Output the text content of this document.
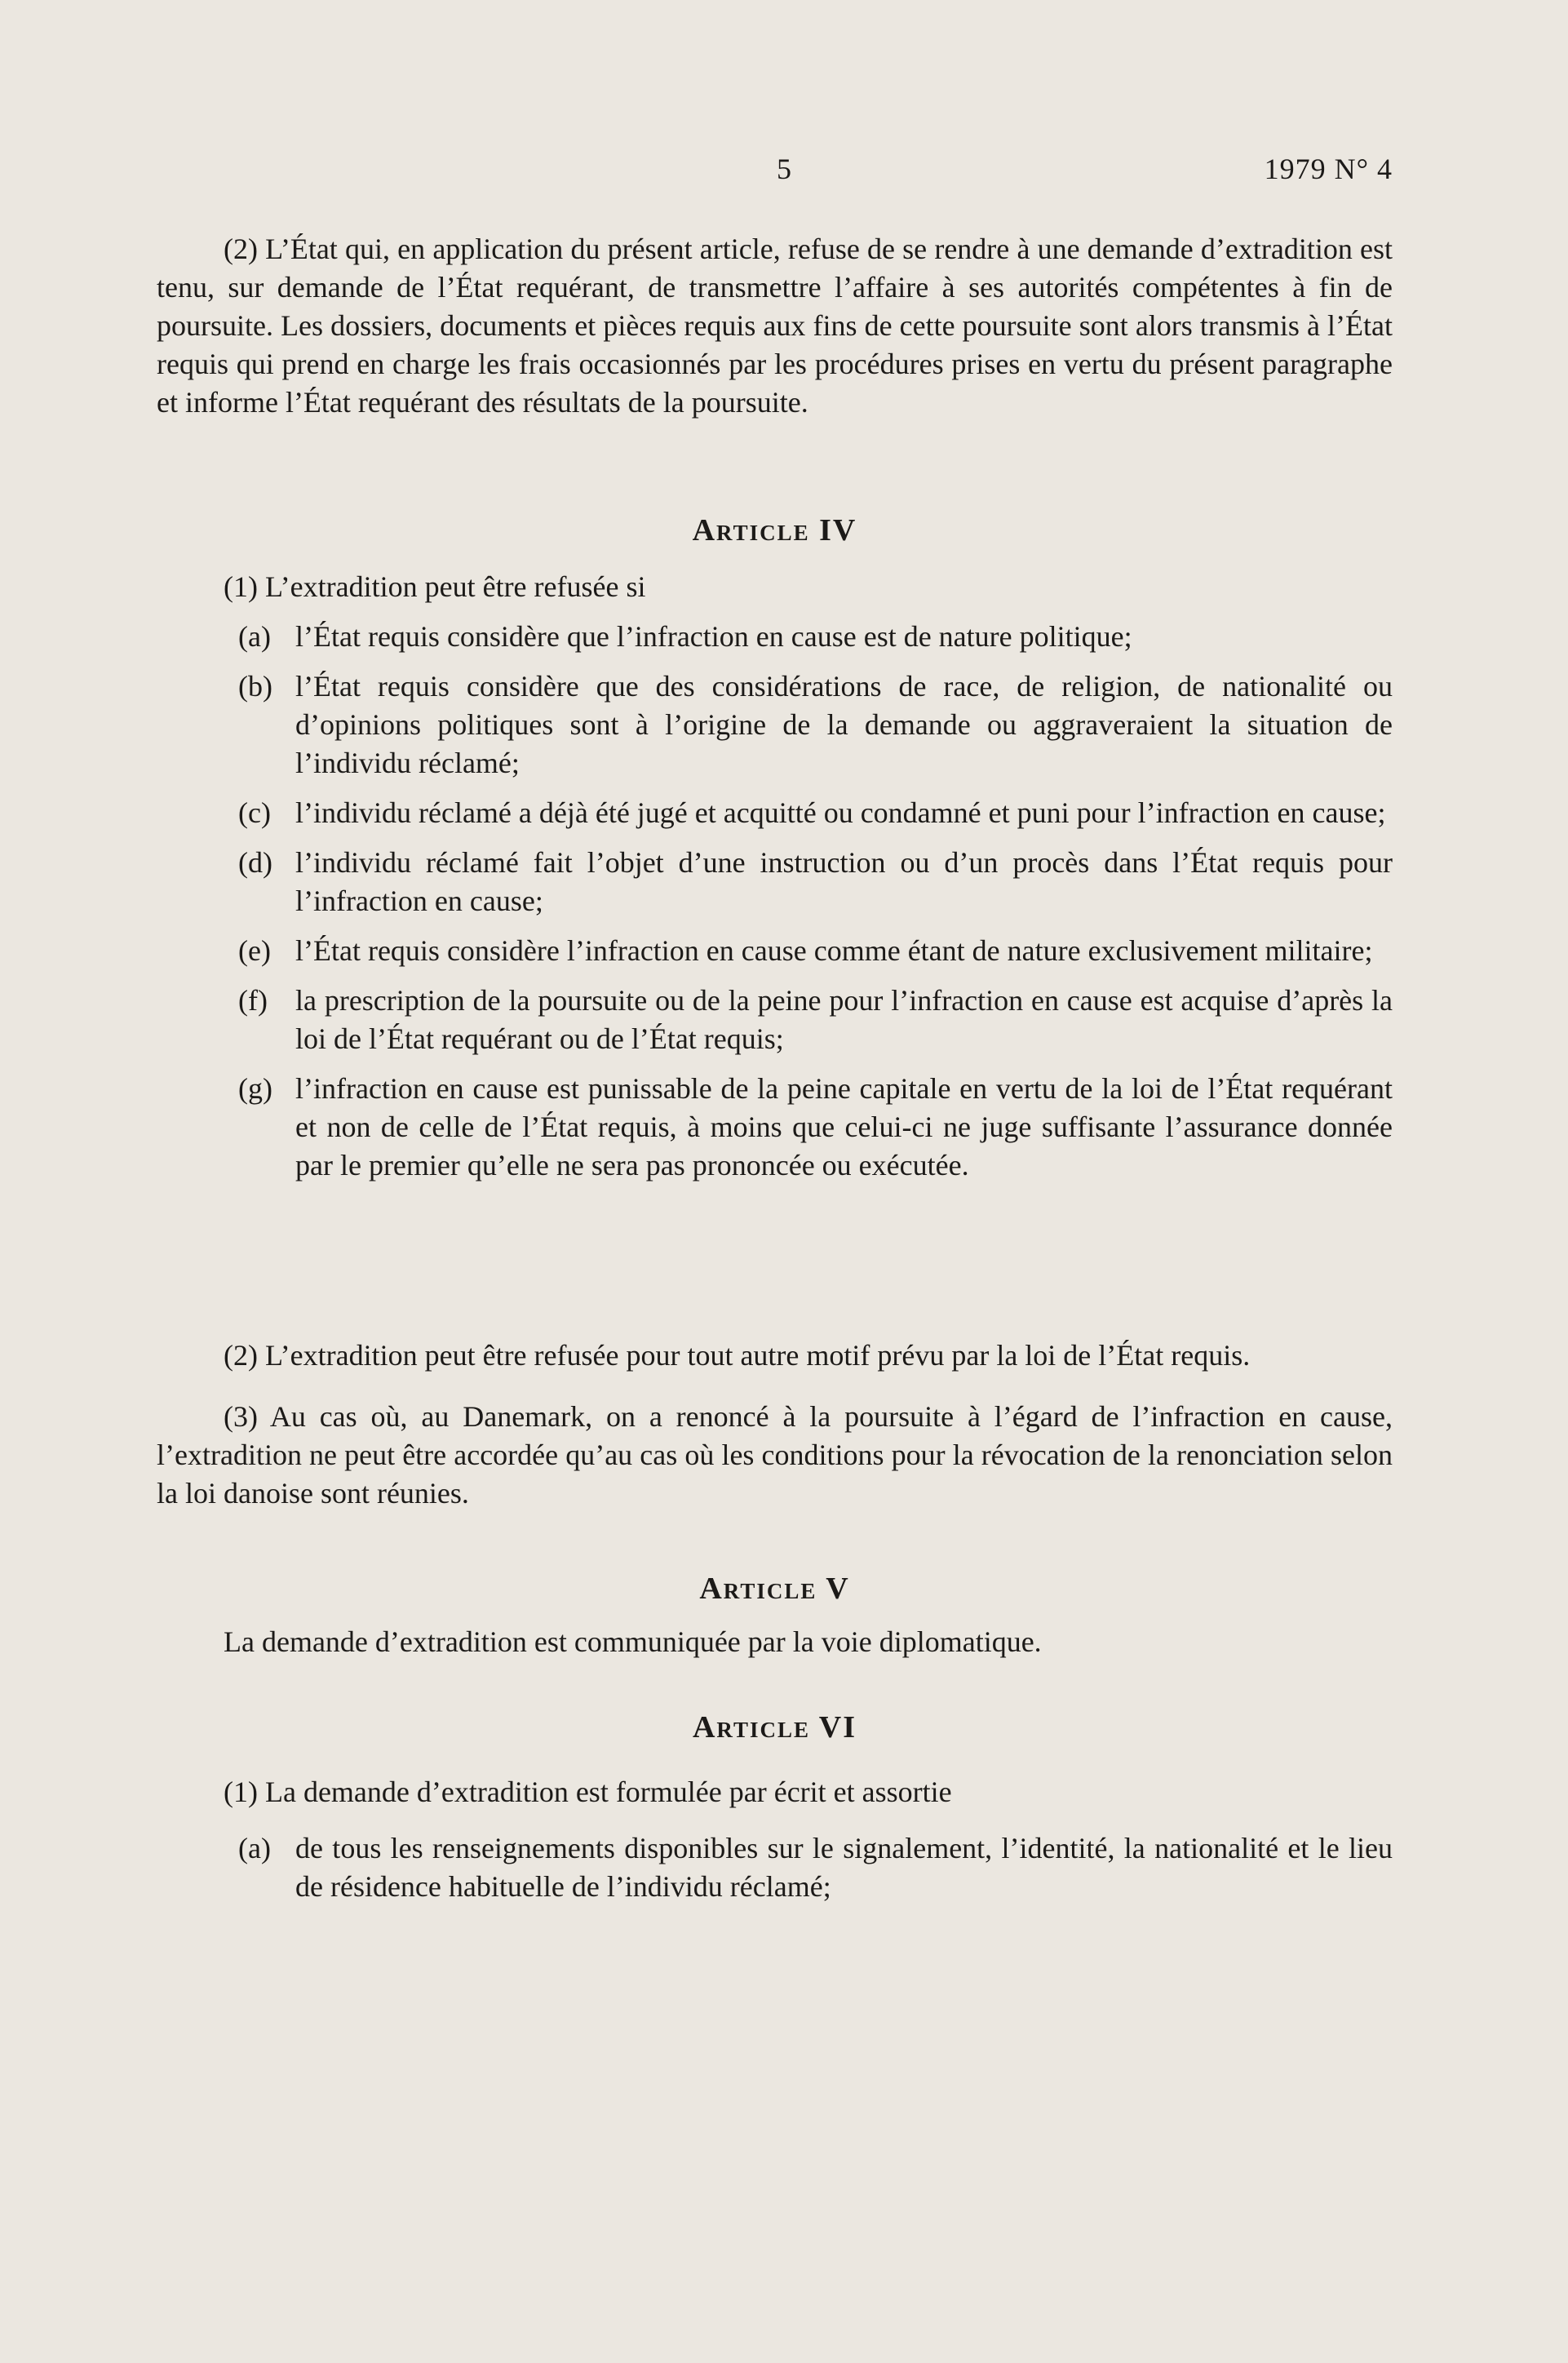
5	1979 N° 4

(2) L’État qui, en application du présent article, refuse de se rendre à une demande d’extradition est tenu, sur demande de l’État requérant, de transmettre l’affaire à ses autorités compétentes à fin de poursuite. Les dossiers, documents et pièces requis aux fins de cette poursuite sont alors transmis à l’État requis qui prend en charge les frais occasionnés par les procédures prises en vertu du présent paragraphe et informe l’État requérant des résultats de la poursuite.

Article IV

(1) L’extradition peut être refusée si

(a) l’État requis considère que l’infraction en cause est de nature politique;
(b) l’État requis considère que des considérations de race, de religion, de nationalité ou d’opinions politiques sont à l’origine de la demande ou aggraveraient la situation de l’individu réclamé;
(c) l’individu réclamé a déjà été jugé et acquitté ou condamné et puni pour l’infraction en cause;
(d) l’individu réclamé fait l’objet d’une instruction ou d’un procès dans l’État requis pour l’infraction en cause;
(e) l’État requis considère l’infraction en cause comme étant de nature exclusivement militaire;
(f) la prescription de la poursuite ou de la peine pour l’infraction en cause est acquise d’après la loi de l’État requérant ou de l’État requis;
(g) l’infraction en cause est punissable de la peine capitale en vertu de la loi de l’État requérant et non de celle de l’État requis, à moins que celui-ci ne juge suffisante l’assurance donnée par le premier qu’elle ne sera pas prononcée ou exécutée.

(2) L’extradition peut être refusée pour tout autre motif prévu par la loi de l’État requis.

(3) Au cas où, au Danemark, on a renoncé à la poursuite à l’égard de l’infraction en cause, l’extradition ne peut être accordée qu’au cas où les conditions pour la révocation de la renonciation selon la loi danoise sont réunies.

Article V

La demande d’extradition est communiquée par la voie diplomatique.

Article VI

(1) La demande d’extradition est formulée par écrit et assortie

(a) de tous les renseignements disponibles sur le signalement, l’identité, la nationalité et le lieu de résidence habituelle de l’individu réclamé;
